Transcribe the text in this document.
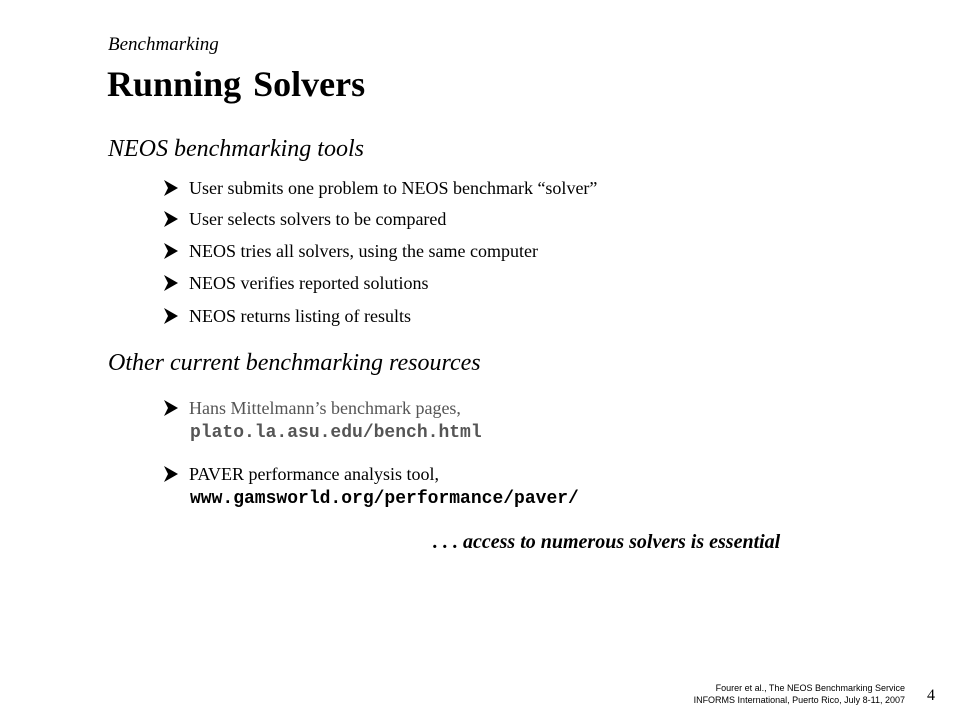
Benchmarking
Running Solvers
NEOS benchmarking tools
User submits one problem to NEOS benchmark “solver”
User selects solvers to be compared
NEOS tries all solvers, using the same computer
NEOS verifies reported solutions
NEOS returns listing of results
Other current benchmarking resources
Hans Mittelmann’s benchmark pages,
plato.la.asu.edu/bench.html
PAVER performance analysis tool,
www.gamsworld.org/performance/paver/
. . . access to numerous solvers is essential
Fourer et al., The NEOS Benchmarking Service
INFORMS International, Puerto Rico, July 8-11, 2007 4
